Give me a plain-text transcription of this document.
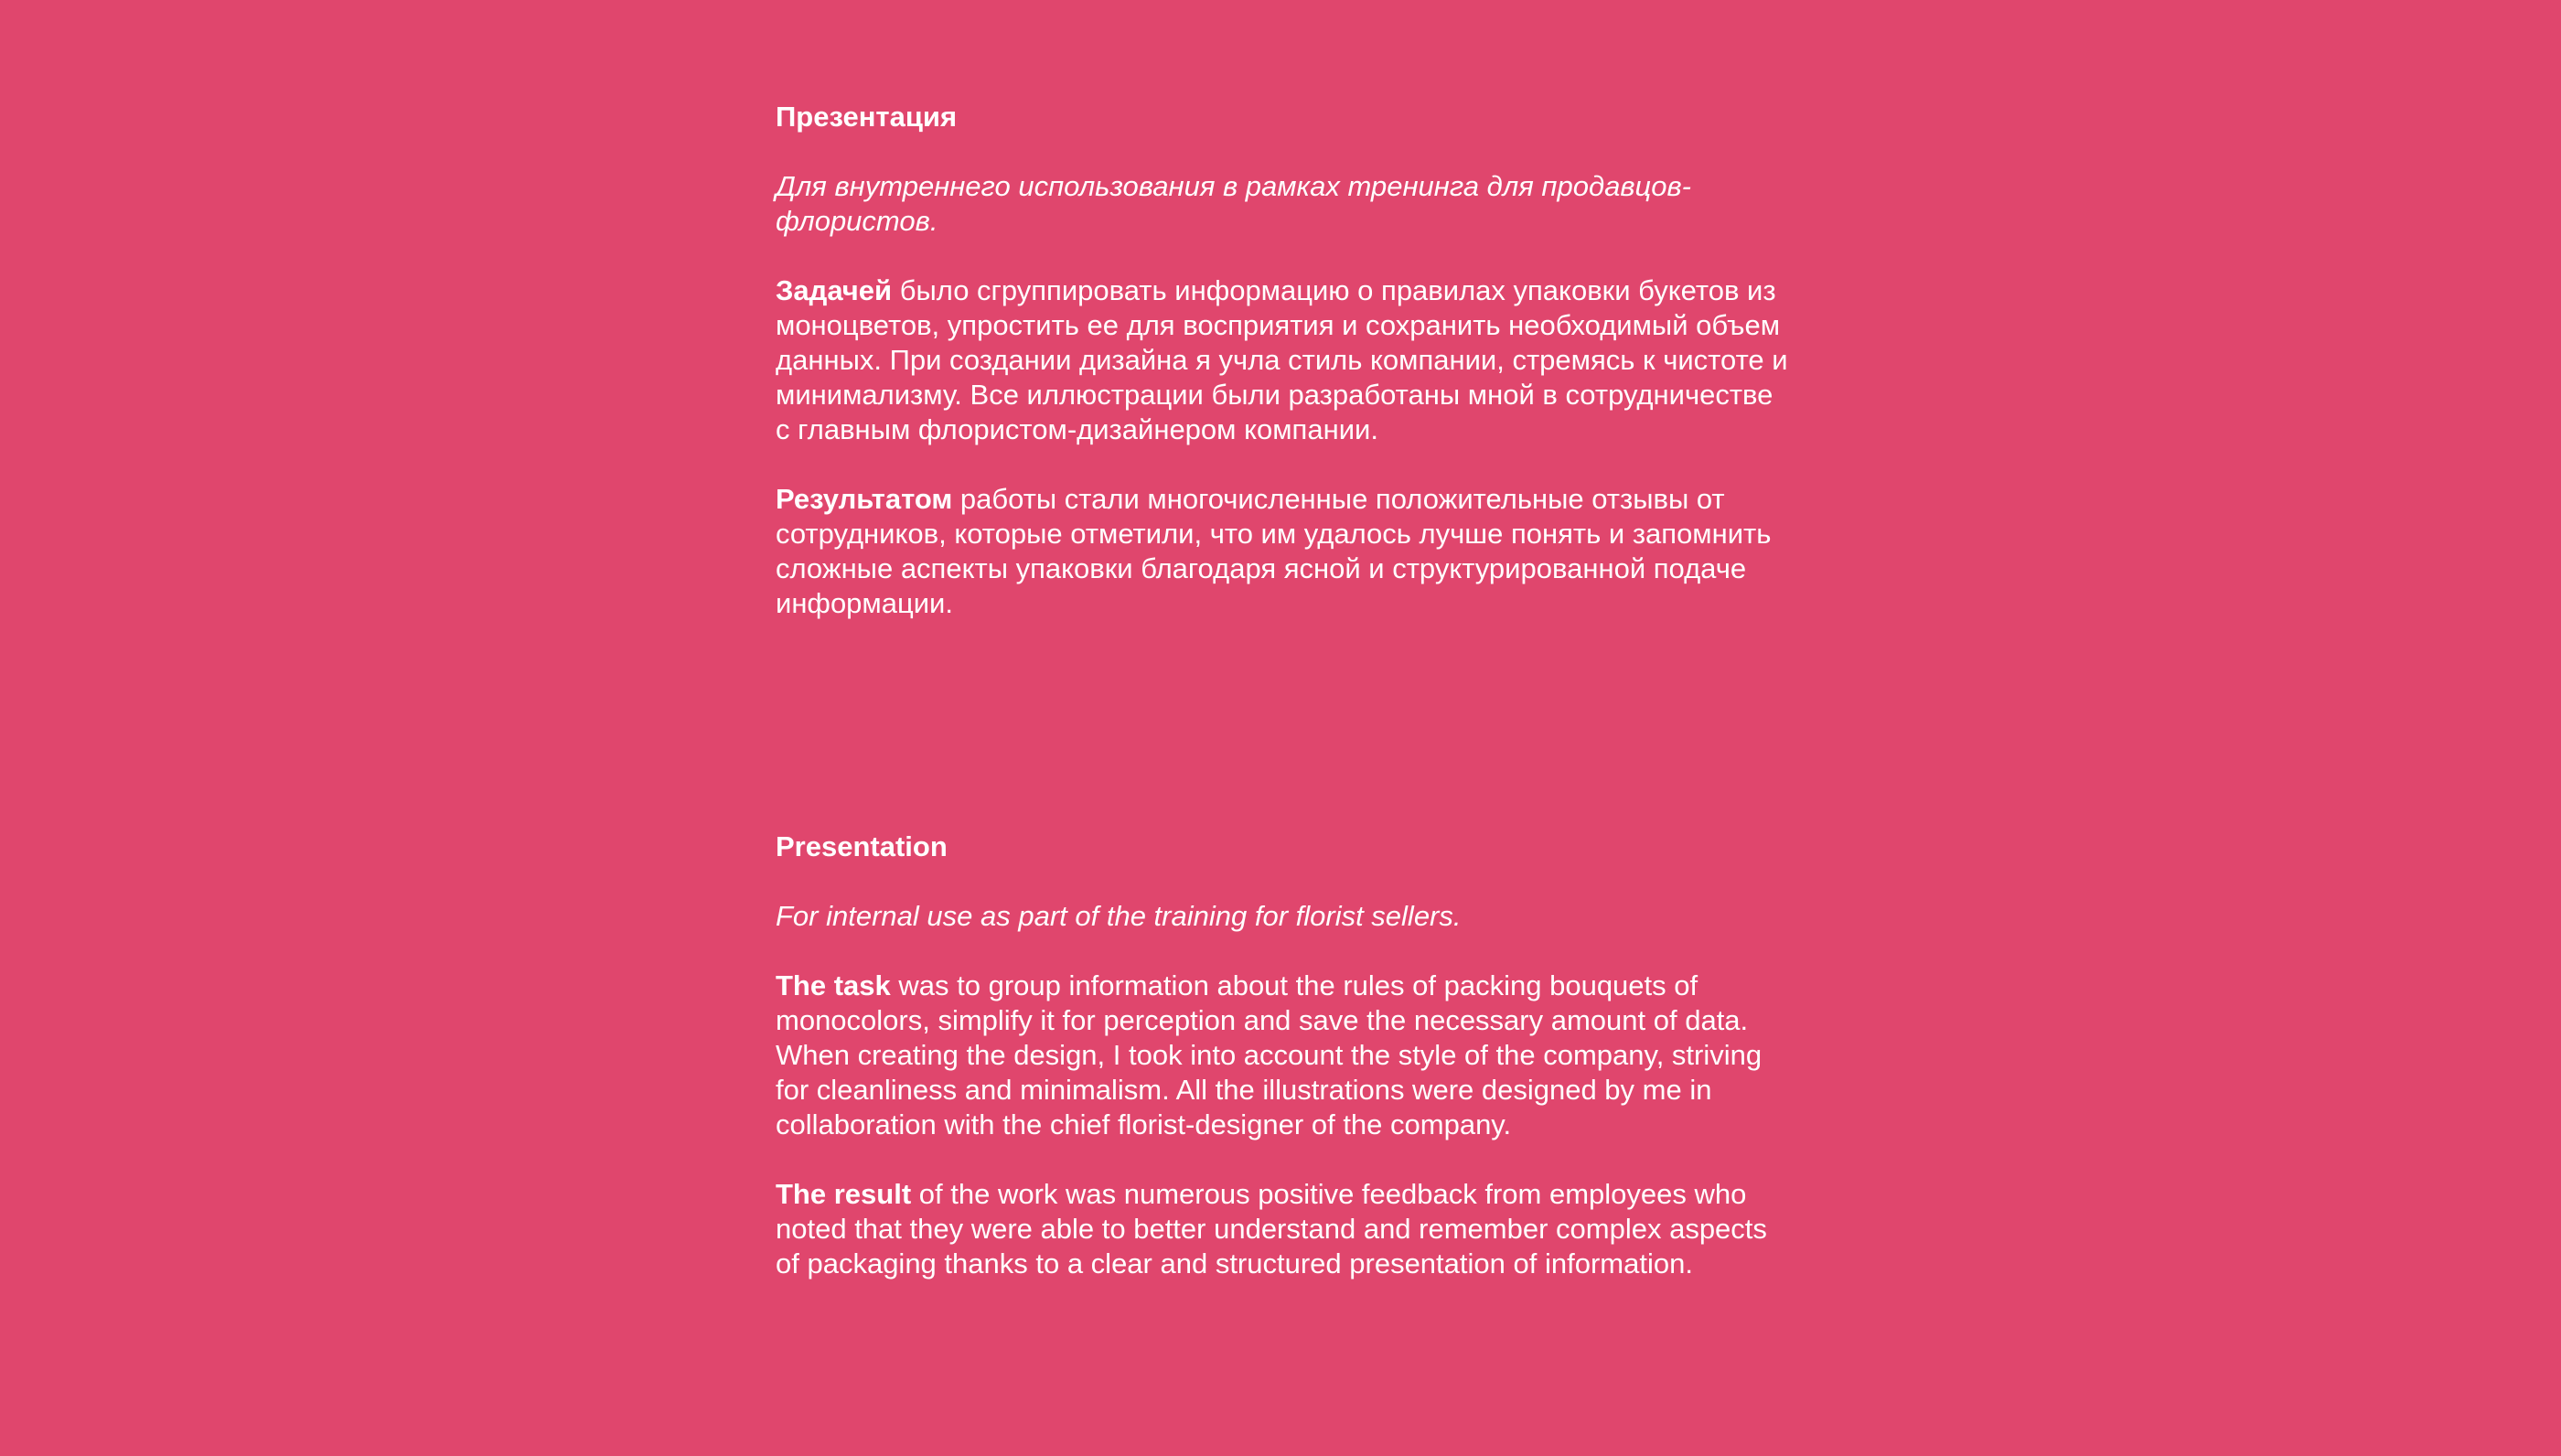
Презентация

Для внутреннего использования в рамках тренинга для продавцов-флористов.

Задачей было сгруппировать информацию о правилах упаковки букетов из моноцветов, упростить ее для восприятия и сохранить необходимый объем данных. При создании дизайна я учла стиль компании, стремясь к чистоте и минимализму. Все иллюстрации были разработаны мной в сотрудничестве с главным флористом-дизайнером компании.

Результатом работы стали многочисленные положительные отзывы от сотрудников, которые отметили, что им удалось лучше понять и запомнить сложные аспекты упаковки благодаря ясной и структурированной подаче информации.

Presentation

For internal use as part of the training for florist sellers.

The task was to group information about the rules of packing bouquets of monocolors, simplify it for perception and save the necessary amount of data. When creating the design, I took into account the style of the company, striving for cleanliness and minimalism. All the illustrations were designed by me in collaboration with the chief florist-designer of the company.

The result of the work was numerous positive feedback from employees who noted that they were able to better understand and remember complex aspects of packaging thanks to a clear and structured presentation of information.
